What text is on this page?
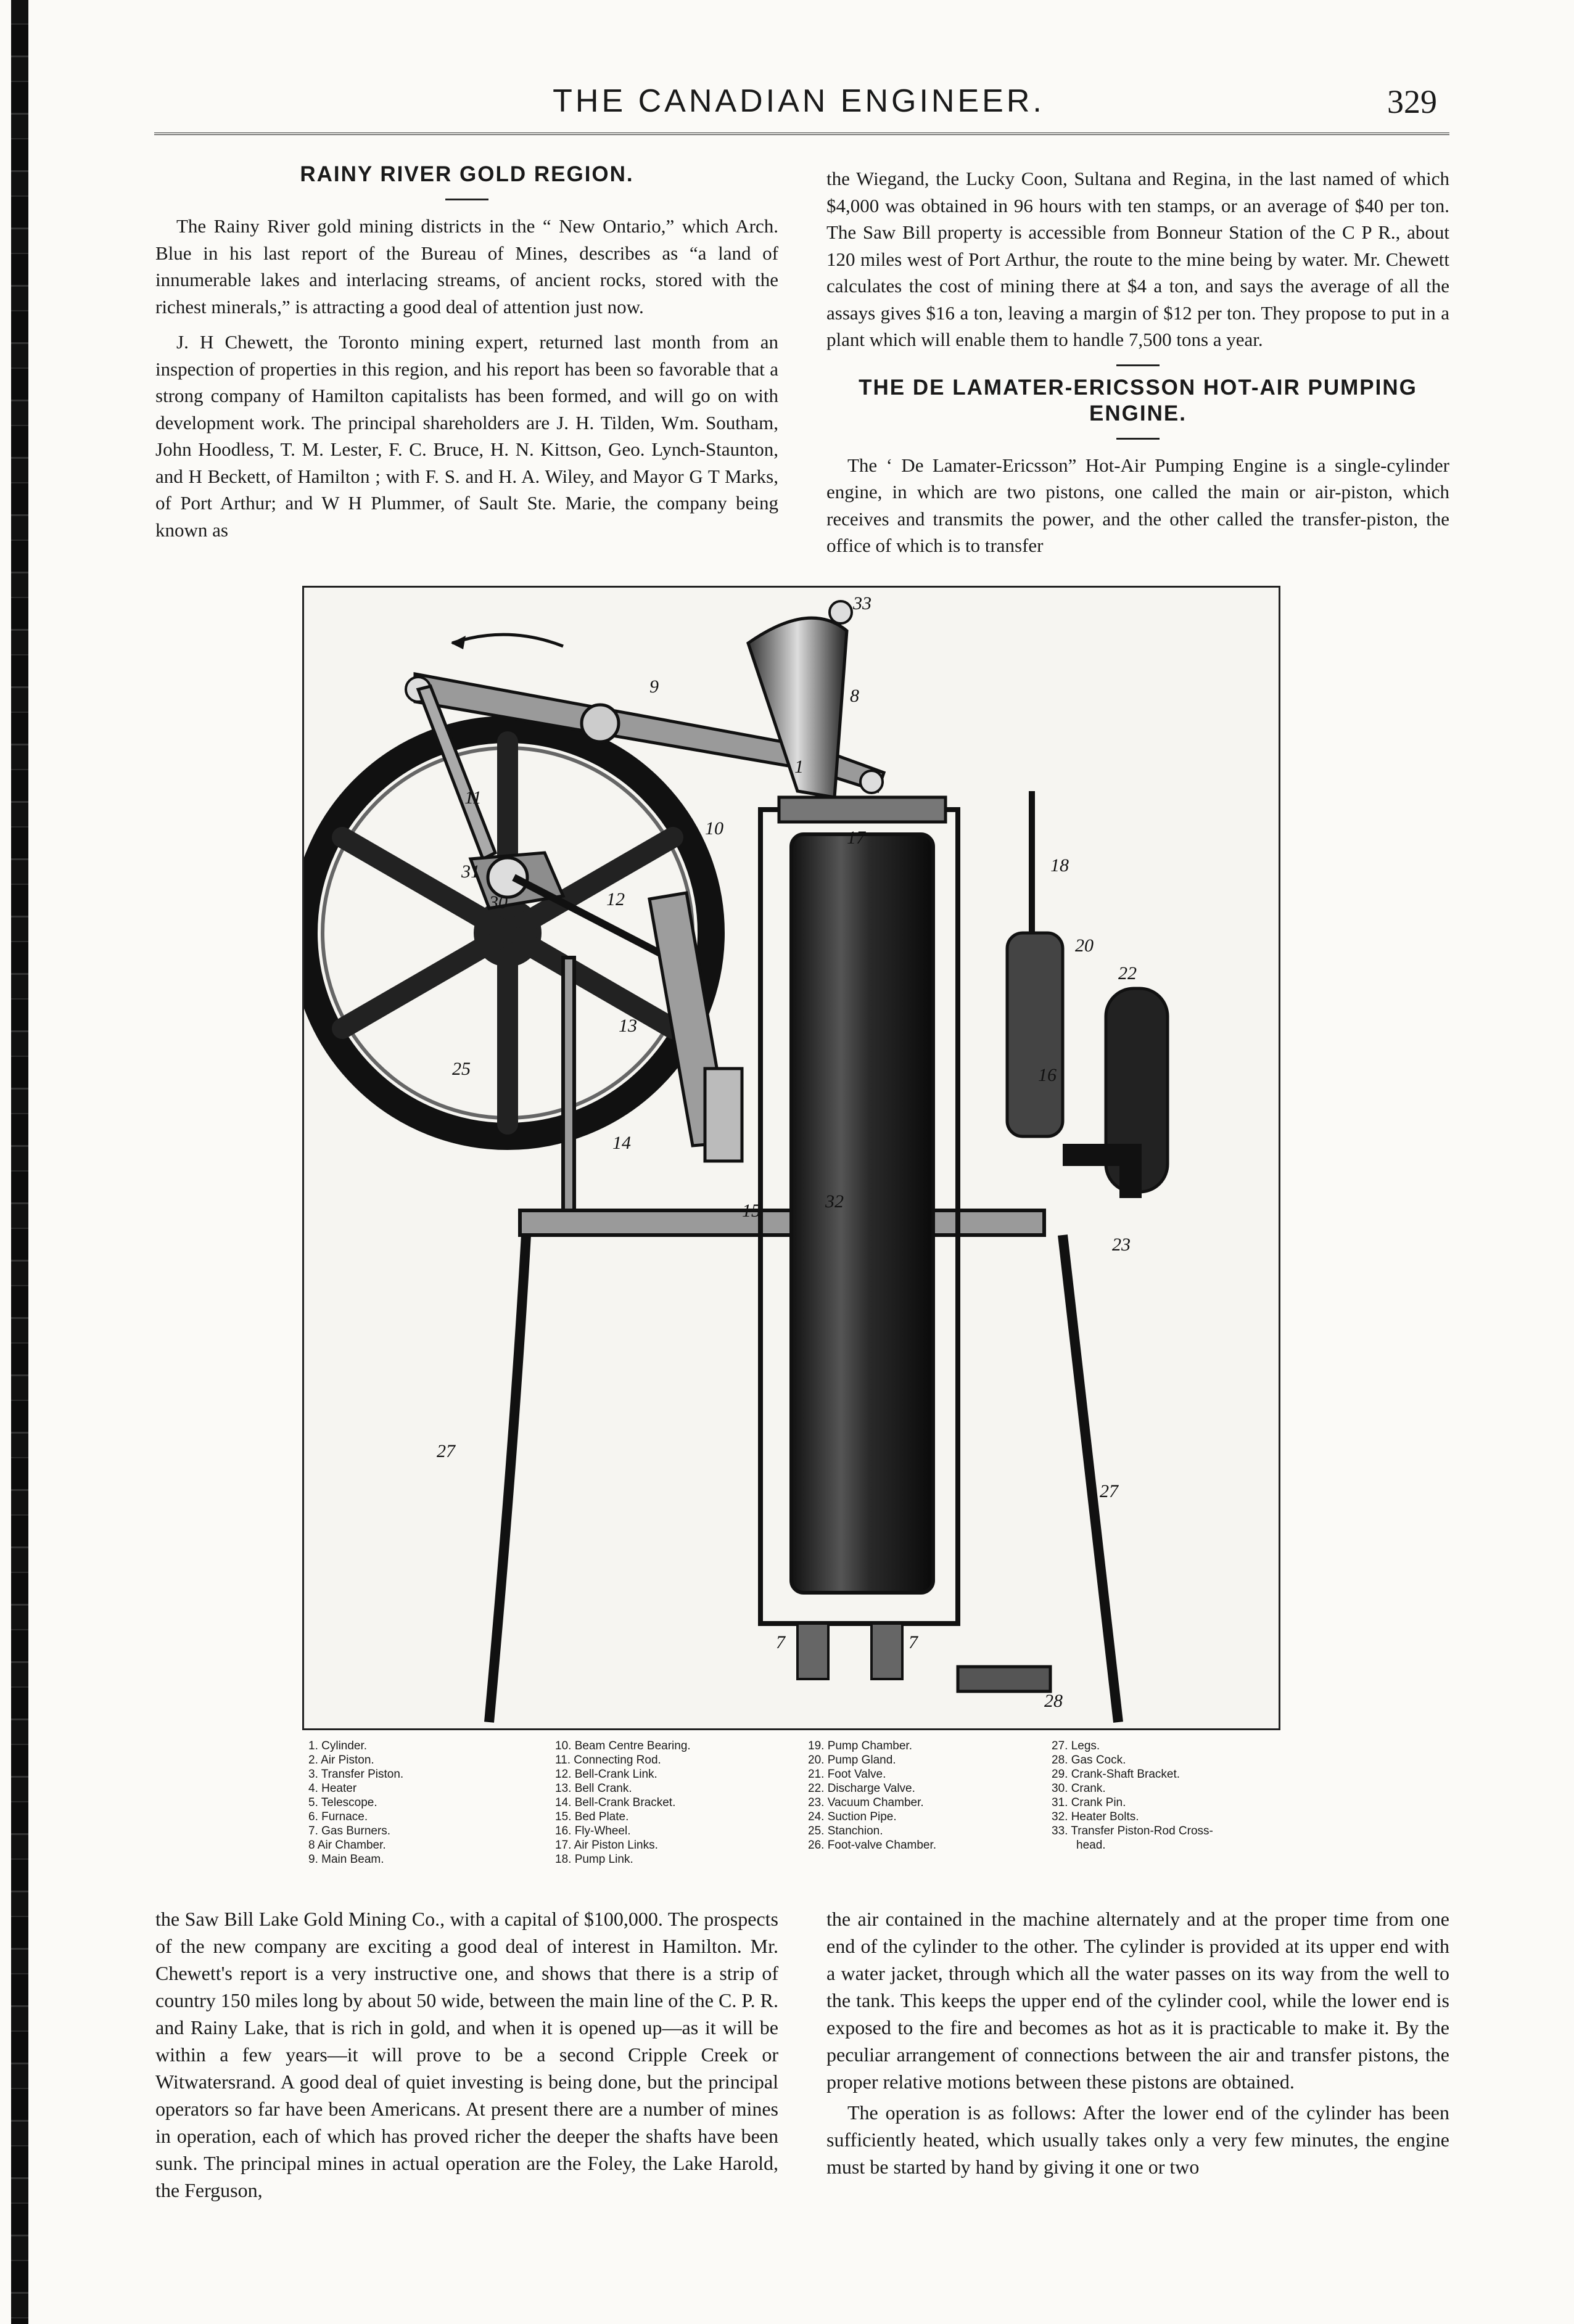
THE CANADIAN ENGINEER.	329
RAINY RIVER GOLD REGION.

The Rainy River gold mining districts in the “ New Ontario,” which Arch. Blue in his last report of the Bureau of Mines, describes as “a land of innumerable lakes and interlacing streams, of ancient rocks, stored with the richest minerals,” is attracting a good deal of attention just now.

J. H Chewett, the Toronto mining expert, returned last month from an inspection of properties in this region, and his report has been so favorable that a strong company of Hamilton capitalists has been formed, and will go on with development work. The principal shareholders are J. H. Tilden, Wm. Southam, John Hoodless, T. M. Lester, F. C. Bruce, H. N. Kittson, Geo. Lynch-Staunton, and H Beckett, of Hamilton ; with F. S. and H. A. Wiley, and Mayor G T Marks, of Port Arthur; and W H Plummer, of Sault Ste. Marie, the company being known as

the Wiegand, the Lucky Coon, Sultana and Regina, in the last named of which $4,000 was obtained in 96 hours with ten stamps, or an average of $40 per ton. The Saw Bill property is accessible from Bonneur Station of the C P R., about 120 miles west of Port Arthur, the route to the mine being by water. Mr. Chewett calculates the cost of mining there at $4 a ton, and says the average of all the assays gives $16 a ton, leaving a margin of $12 per ton. They propose to put in a plant which will enable them to handle 7,500 tons a year.

THE DE LAMATER-ERICSSON HOT-AIR PUMPING ENGINE.

The ‘ De Lamater-Ericsson” Hot-Air Pumping Engine is a single-cylinder engine, in which are two pistons, one called the main or air-piston, which receives and transmits the power, and the other called the transfer-piston, the office of which is to transfer

33
8
9
1
10	17
18
11
31
30	12
20
22
25
13
16
14
15	32
23
27
27
7	7
28
1. Cylinder.
2. Air Piston.
3. Transfer Piston.
4. Heater
5. Telescope.
6. Furnace.
7. Gas Burners.
8 Air Chamber.
9. Main Beam.
10. Beam Centre Bearing.
11. Connecting Rod.
12. Bell-Crank Link.
13. Bell Crank.
14. Bell-Crank Bracket.
15. Bed Plate.
16. Fly-Wheel.
17. Air Piston Links.
18. Pump Link.
19. Pump Chamber.
20. Pump Gland.
21. Foot Valve.
22. Discharge Valve.
23. Vacuum Chamber.
24. Suction Pipe.
25. Stanchion.
26. Foot-valve Chamber.
27. Legs.
28. Gas Cock.
29. Crank-Shaft Bracket.
30. Crank.
31. Crank Pin.
32. Heater Bolts.
33. Transfer Piston-Rod Cross-
head.

the Saw Bill Lake Gold Mining Co., with a capital of $100,000. The prospects of the new company are exciting a good deal of interest in Hamilton. Mr. Chewett's report is a very instructive one, and shows that there is a strip of country 150 miles long by about 50 wide, between the main line of the C. P. R. and Rainy Lake, that is rich in gold, and when it is opened up—as it will be within a few years—it will prove to be a second Cripple Creek or Witwatersrand. A good deal of quiet investing is being done, but the principal operators so far have been Americans. At present there are a number of mines in operation, each of which has proved richer the deeper the shafts have been sunk. The principal mines in actual operation are the Foley, the Lake Harold, the Ferguson,

the air contained in the machine alternately and at the proper time from one end of the cylinder to the other. The cylinder is provided at its upper end with a water jacket, through which all the water passes on its way from the well to the tank. This keeps the upper end of the cylinder cool, while the lower end is exposed to the fire and becomes as hot as it is practicable to make it. By the peculiar arrangement of connections between the air and transfer pistons, the proper relative motions between these pistons are obtained.

The operation is as follows: After the lower end of the cylinder has been sufficiently heated, which usually takes only a very few minutes, the engine must be started by hand by giving it one or two
